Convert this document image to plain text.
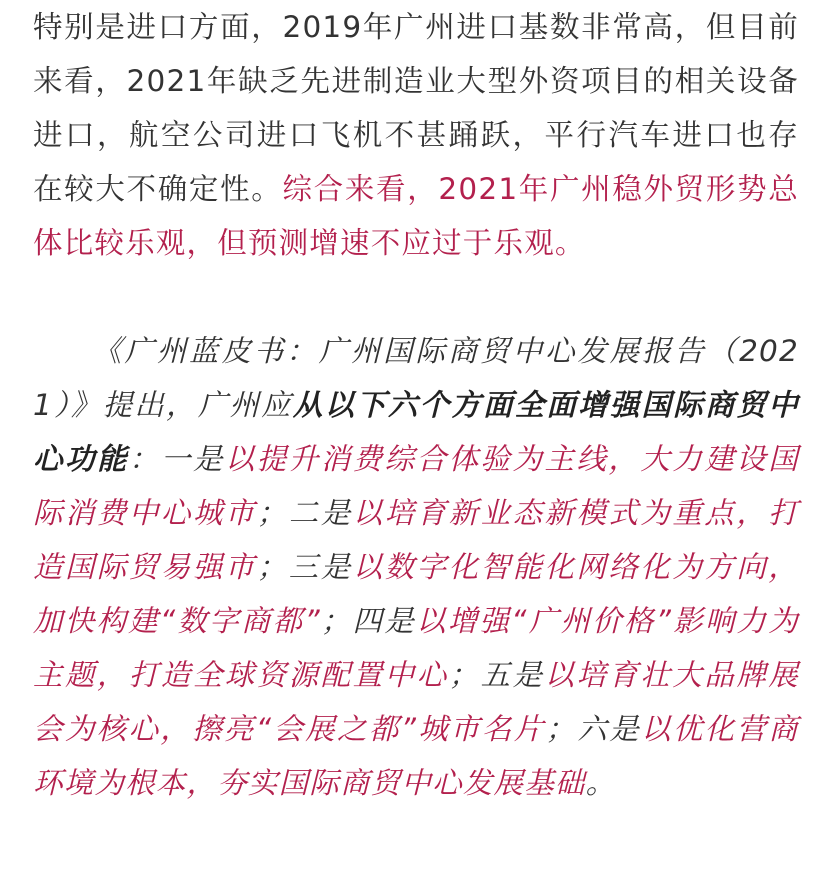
特别是进口方面，2019年广州进口基数非常高，但目前来看，2021年缺乏先进制造业大型外资项目的相关设备进口，航空公司进口飞机不甚踊跃，平行汽车进口也存在较大不确定性。综合来看，2021年广州稳外贸形势总体比较乐观，但预测增速不应过于乐观。

《广州蓝皮书：广州国际商贸中心发展报告（2021）》提出，广州应从以下六个方面全面增强国际商贸中心功能：一是以提升消费综合体验为主线，大力建设国际消费中心城市；二是以培育新业态新模式为重点，打造国际贸易强市；三是以数字化智能化网络化为方向，加快构建“数字商都”；四是以增强“广州价格”影响力为主题，打造全球资源配置中心；五是以培育壮大品牌展会为核心，擦亮“会展之都”城市名片；六是以优化营商环境为根本，夯实国际商贸中心发展基础。
